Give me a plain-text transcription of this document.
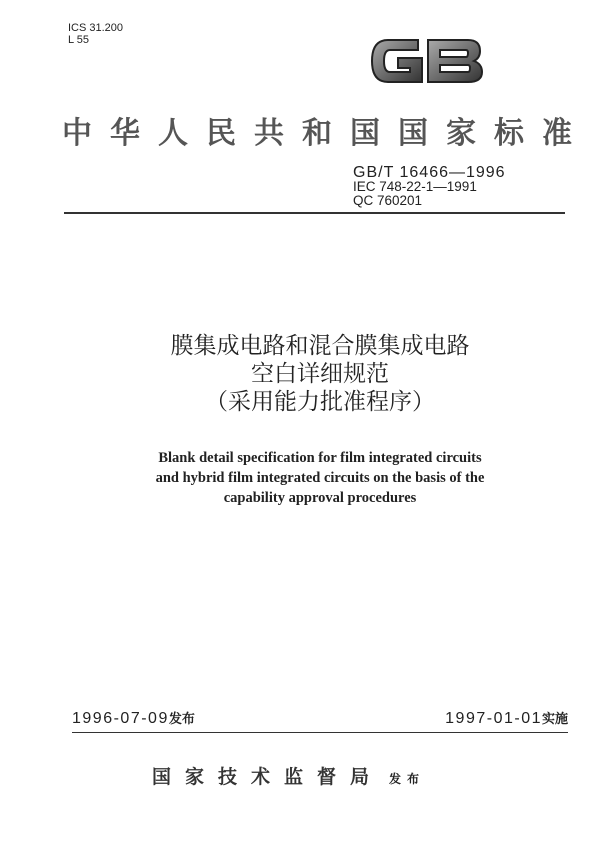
ICS 31.200
L 55
中 华 人 民 共 和 国 国 家 标 准
GB/T 16466—1996
IEC 748-22-1—1991
QC 760201
膜集成电路和混合膜集成电路
空白详细规范
（采用能力批准程序）
Blank detail specification for film integrated circuits
and hybrid film integrated circuits on the basis of the
capability approval procedures
1996-07-09发布	1997-01-01实施
国家技术监督局 发布
